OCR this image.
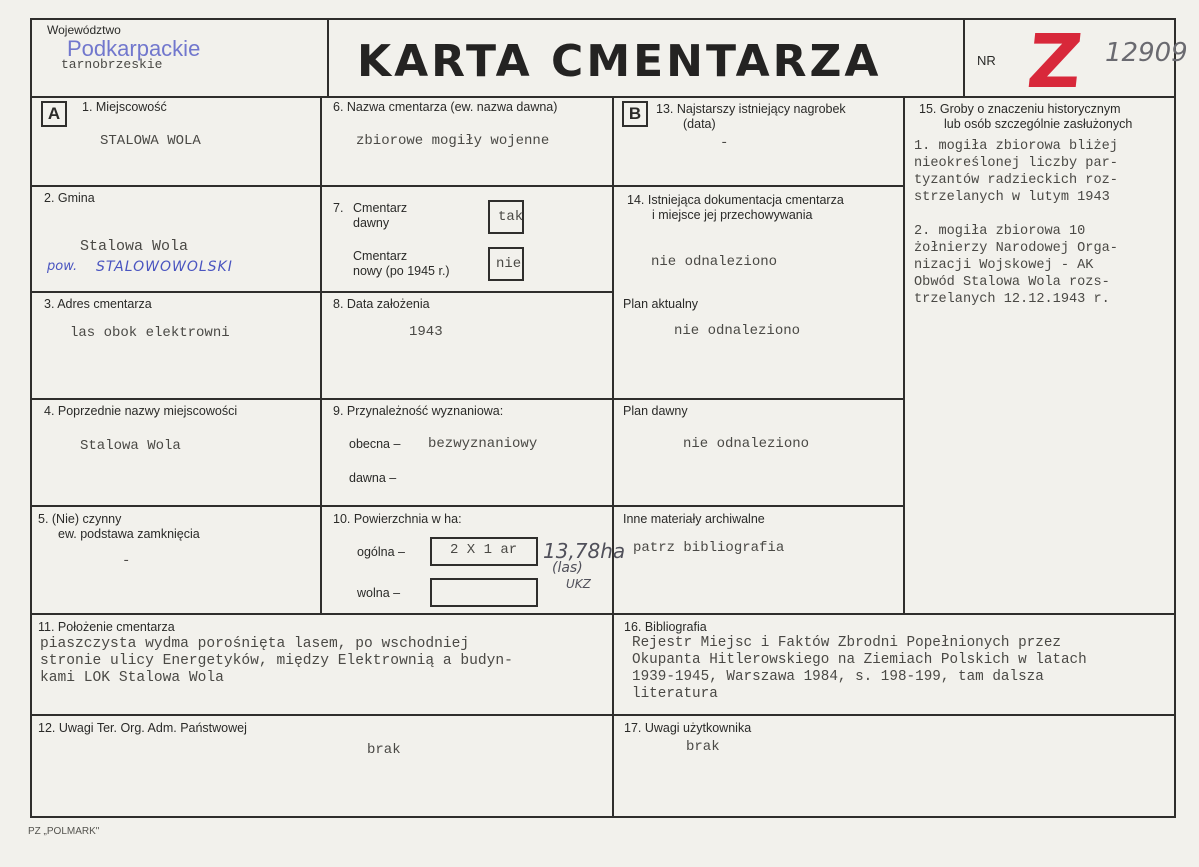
Województwo
tarnobrzeskie
Podkarpackie	KARTA CMENTARZA	NR Z 12909
A	1. Miejscowość
STALOWA WOLA
2. Gmina
Stalowa Wola
pow. STALOWOWOLSKI
3. Adres cmentarza
las obok elektrowni
4. Poprzednie nazwy miejscowości
Stalowa Wola
5. (Nie) czynny
ew. podstawa zamknięcia
-
6. Nazwa cmentarza (ew. nazwa dawna)
zbiorowe mogiły wojenne
7. Cmentarz
dawny	tak
Cmentarz
nowy (po 1945 r.)	nie
8. Data założenia
1943
9. Przynależność wyznaniowa:
obecna – bezwyznaniowy
dawna –
10. Powierzchnia w ha:
ogólna –	2 X 1 ar 13,78ha
(las)
UKZ
wolna –
B	13. Najstarszy istniejący nagrobek
(data)
-
14. Istniejąca dokumentacja cmentarza
i miejsce jej przechowywania
nie odnaleziono
Plan aktualny
nie odnaleziono
Plan dawny
nie odnaleziono
Inne materiały archiwalne
patrz bibliografia
15. Groby o znaczeniu historycznym
lub osób szczególnie zasłużonych
1. mogiła zbiorowa bliżej
nieokreślonej liczby par-
tyzantów radzieckich roz-
strzelanych w lutym 1943

2. mogiła zbiorowa 10
żołnierzy Narodowej Orga-
nizacji Wojskowej - AK
Obwód Stalowa Wola rozs-
trzelanych 12.12.1943 r.
11. Położenie cmentarza
piaszczysta wydma porośnięta lasem, po wschodniej
stronie ulicy Energetyków, między Elektrownią a budyn-
kami LOK Stalowa Wola
16. Bibliografia
Rejestr Miejsc i Faktów Zbrodni Popełnionych przez
Okupanta Hitlerowskiego na Ziemiach Polskich w latach
1939-1945, Warszawa 1984, s. 198-199, tam dalsza
literatura
12. Uwagi Ter. Org. Adm. Państwowej
brak
17. Uwagi użytkownika
brak
PZ „POLMARK"
